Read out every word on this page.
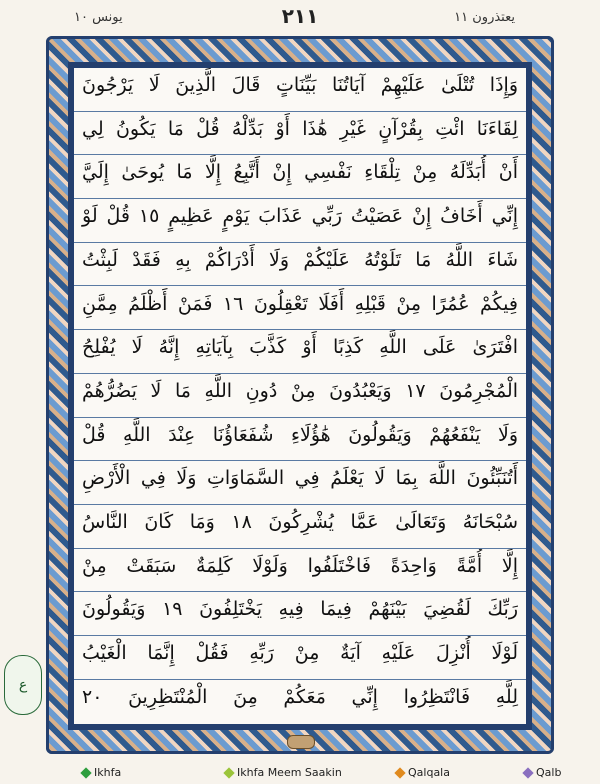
يونس ١٠	٢١١	يعتذرون ١١
وَإِذَا تُتْلَىٰ عَلَيْهِمْ آيَاتُنَا بَيِّنَاتٍ قَالَ الَّذِينَ لَا يَرْجُونَ
لِقَاءَنَا ائْتِ بِقُرْآنٍ غَيْرِ هَٰذَا أَوْ بَدِّلْهُ قُلْ مَا يَكُونُ لِي
أَنْ أُبَدِّلَهُ مِنْ تِلْقَاءِ نَفْسِي إِنْ أَتَّبِعُ إِلَّا مَا يُوحَىٰ إِلَيَّ
إِنِّي أَخَافُ إِنْ عَصَيْتُ رَبِّي عَذَابَ يَوْمٍ عَظِيمٍ ١٥ قُلْ لَوْ
شَاءَ اللَّهُ مَا تَلَوْتُهُ عَلَيْكُمْ وَلَا أَدْرَاكُمْ بِهِ فَقَدْ لَبِثْتُ
فِيكُمْ عُمُرًا مِنْ قَبْلِهِ أَفَلَا تَعْقِلُونَ ١٦ فَمَنْ أَظْلَمُ مِمَّنِ
افْتَرَىٰ عَلَى اللَّهِ كَذِبًا أَوْ كَذَّبَ بِآيَاتِهِ إِنَّهُ لَا يُفْلِحُ
الْمُجْرِمُونَ ١٧ وَيَعْبُدُونَ مِنْ دُونِ اللَّهِ مَا لَا يَضُرُّهُمْ
وَلَا يَنْفَعُهُمْ وَيَقُولُونَ هَٰؤُلَاءِ شُفَعَاؤُنَا عِنْدَ اللَّهِ قُلْ
أَتُنَبِّئُونَ اللَّهَ بِمَا لَا يَعْلَمُ فِي السَّمَاوَاتِ وَلَا فِي الْأَرْضِ
سُبْحَانَهُ وَتَعَالَىٰ عَمَّا يُشْرِكُونَ ١٨ وَمَا كَانَ النَّاسُ
إِلَّا أُمَّةً وَاحِدَةً فَاخْتَلَفُوا وَلَوْلَا كَلِمَةٌ سَبَقَتْ مِنْ
رَبِّكَ لَقُضِيَ بَيْنَهُمْ فِيمَا فِيهِ يَخْتَلِفُونَ ١٩ وَيَقُولُونَ
لَوْلَا أُنْزِلَ عَلَيْهِ آيَةٌ مِنْ رَبِّهِ فَقُلْ إِنَّمَا الْغَيْبُ
لِلَّهِ فَانْتَظِرُوا إِنِّي مَعَكُمْ مِنَ الْمُنْتَظِرِينَ ٢٠
ع
Ikhfa	Ikhfa Meem Saakin	Qalqala	Qalb
